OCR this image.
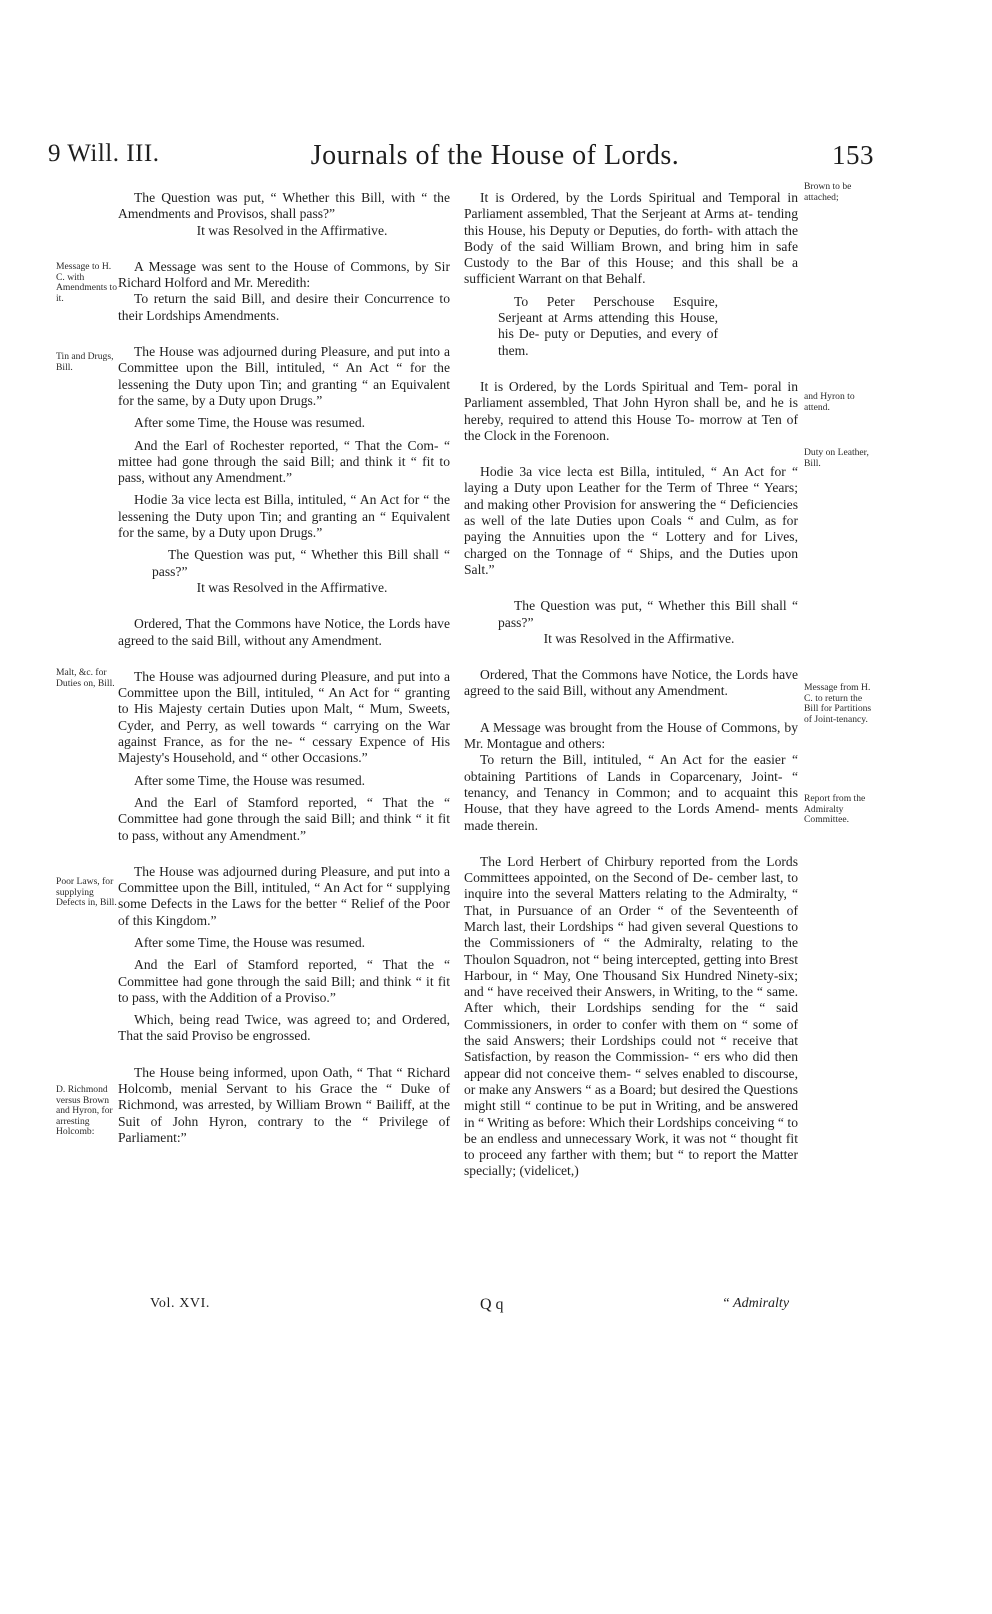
9 Will. III.	Journals of the House of Lords.	153
Message to H. C. with Amendments to it.
Tin and Drugs, Bill.
Malt, &c. for Duties on, Bill.
Poor Laws, for supplying Defects in, Bill.
D. Richmond versus Brown and Hyron, for arresting Holcomb:
Brown to be attached;
and Hyron to attend.
Duty on Leather, Bill.
Message from H. C. to return the Bill for Partitions of Joint-tenancy.
Report from the Admiralty Committee.

The Question was put, “ Whether this Bill, with “ the Amendments and Provisos, shall pass?”

It was Resolved in the Affirmative.

A Message was sent to the House of Commons, by Sir Richard Holford and Mr. Meredith:

To return the said Bill, and desire their Concurrence to their Lordships Amendments.

The House was adjourned during Pleasure, and put into a Committee upon the Bill, intituled, “ An Act “ for the lessening the Duty upon Tin; and granting “ an Equivalent for the same, by a Duty upon Drugs.”

After some Time, the House was resumed.

And the Earl of Rochester reported, “ That the Com- “ mittee had gone through the said Bill; and think it “ fit to pass, without any Amendment.”

Hodie 3a vice lecta est Billa, intituled, “ An Act for “ the lessening the Duty upon Tin; and granting an “ Equivalent for the same, by a Duty upon Drugs.”

The Question was put, “ Whether this Bill shall “ pass?”

It was Resolved in the Affirmative.

Ordered, That the Commons have Notice, the Lords have agreed to the said Bill, without any Amendment.

The House was adjourned during Pleasure, and put into a Committee upon the Bill, intituled, “ An Act for “ granting to His Majesty certain Duties upon Malt, “ Mum, Sweets, Cyder, and Perry, as well towards “ carrying on the War against France, as for the ne- “ cessary Expence of His Majesty's Household, and “ other Occasions.”

After some Time, the House was resumed.

And the Earl of Stamford reported, “ That the “ Committee had gone through the said Bill; and think “ it fit to pass, without any Amendment.”

The House was adjourned during Pleasure, and put into a Committee upon the Bill, intituled, “ An Act for “ supplying some Defects in the Laws for the better “ Relief of the Poor of this Kingdom.”

After some Time, the House was resumed.

And the Earl of Stamford reported, “ That the “ Committee had gone through the said Bill; and think “ it fit to pass, with the Addition of a Proviso.”

Which, being read Twice, was agreed to; and Ordered, That the said Proviso be engrossed.

The House being informed, upon Oath, “ That “ Richard Holcomb, menial Servant to his Grace the “ Duke of Richmond, was arrested, by William Brown “ Bailiff, at the Suit of John Hyron, contrary to the “ Privilege of Parliament:”

It is Ordered, by the Lords Spiritual and Temporal in Parliament assembled, That the Serjeant at Arms at- tending this House, his Deputy or Deputies, do forth- with attach the Body of the said William Brown, and bring him in safe Custody to the Bar of this House; and this shall be a sufficient Warrant on that Behalf.

To Peter Perschouse Esquire, Serjeant at Arms attending this House, his De- puty or Deputies, and every of them.

It is Ordered, by the Lords Spiritual and Tem- poral in Parliament assembled, That John Hyron shall be, and he is hereby, required to attend this House To- morrow at Ten of the Clock in the Forenoon.

Hodie 3a vice lecta est Billa, intituled, “ An Act for “ laying a Duty upon Leather for the Term of Three “ Years; and making other Provision for answering the “ Deficiencies as well of the late Duties upon Coals “ and Culm, as for paying the Annuities upon the “ Lottery and for Lives, charged on the Tonnage of “ Ships, and the Duties upon Salt.”

The Question was put, “ Whether this Bill shall “ pass?”

It was Resolved in the Affirmative.

Ordered, That the Commons have Notice, the Lords have agreed to the said Bill, without any Amendment.

A Message was brought from the House of Commons, by Mr. Montague and others:

To return the Bill, intituled, “ An Act for the easier “ obtaining Partitions of Lands in Coparcenary, Joint- “ tenancy, and Tenancy in Common; and to acquaint this House, that they have agreed to the Lords Amend- ments made therein.

The Lord Herbert of Chirbury reported from the Lords Committees appointed, on the Second of De- cember last, to inquire into the several Matters relating to the Admiralty, “ That, in Pursuance of an Order “ of the Seventeenth of March last, their Lordships “ had given several Questions to the Commissioners of “ the Admiralty, relating to the Thoulon Squadron, not “ being intercepted, getting into Brest Harbour, in “ May, One Thousand Six Hundred Ninety-six; and “ have received their Answers, in Writing, to the “ same. After which, their Lordships sending for the “ said Commissioners, in order to confer with them on “ some of the said Answers; their Lordships could not “ receive that Satisfaction, by reason the Commission- “ ers who did then appear did not conceive them- “ selves enabled to discourse, or make any Answers “ as a Board; but desired the Questions might still “ continue to be put in Writing, and be answered in “ Writing as before: Which their Lordships conceiving “ to be an endless and unnecessary Work, it was not “ thought fit to proceed any farther with them; but “ to report the Matter specially; (videlicet,)

Vol. XVI.	Q q	“ Admiralty
